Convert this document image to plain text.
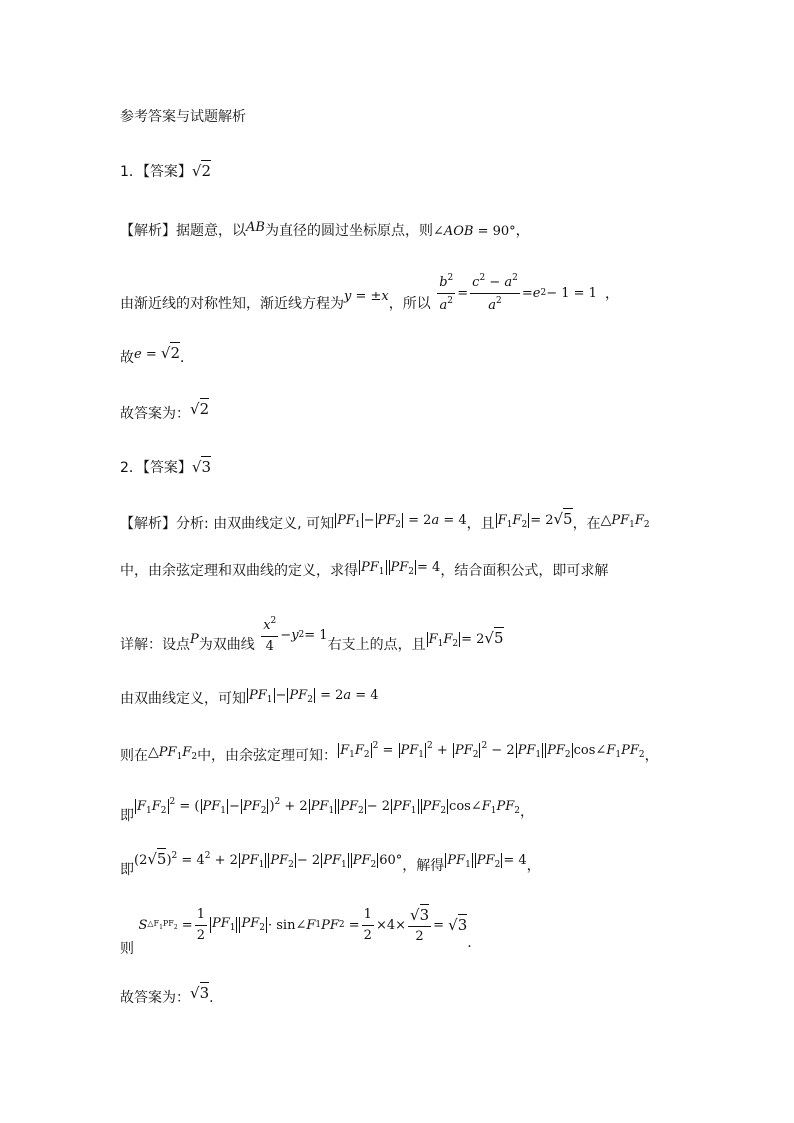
参考答案与试题解析
1．【答案】√2
【解析】据题意，以AB为直径的圆过坐标原点，则∠AOB = 90°，
由渐近线的对称性知，渐近线方程为y = ±x，所以 $\frac{b^2}{a^2} = \frac{c^2 - a^2}{a^2} = e$ 2 − 1 = 1 ，
故e = √2．
故答案为：√2
2．【答案】√3
【解析】分析: 由双曲线定义, 可知 $PF_1 - PF_2 = 2a = 4$，且 $F_1F_2 = 2√5$，在$\triangle PF_1F_2$
中，由余弦定理和双曲线的定义，求得 $PF_1$ $PF_2 = 4$，结合面积公式，即可求解
详解：设点P为双曲线 $\frac{x^2}{4} - y$ 2 = 1
右支上的点，且 $F_1F_2 = 2√5$
由双曲线定义，可知 $PF_1 - PF_2 = 2a = 4$
则在$\triangle PF_1F_2$中，由余弦定理可知： $F_1F_2^2 = PF_1^2 + PF_2^2 - 2$ $PF_1$ $PF_2$ $\cos\angle F_1PF_2$，
即$F_1F_2^2$ = ( $PF_1 - PF_2$ )$^2$ + 2 $PF_1$ $PF_2 - 2$ $PF_1$ $PF_2$ $\cos\angle F_1PF_2$，
即$(2√5)^2 = 4^2 + 2$ $PF_1$ $PF_2 - 2$ $PF_1$ $PF_2$ 60°，解得 $PF_1$ $PF_2 = 4$，
则 S $\triangle F_1PF_2 = \frac{1}{2} PF_1$ $PF_2 \cdot \sin$ ∠F 1 PF $2 = \frac{1}{2} \times 4\times \frac{√3}{2}$ =
√3
.
故答案为：√3.
